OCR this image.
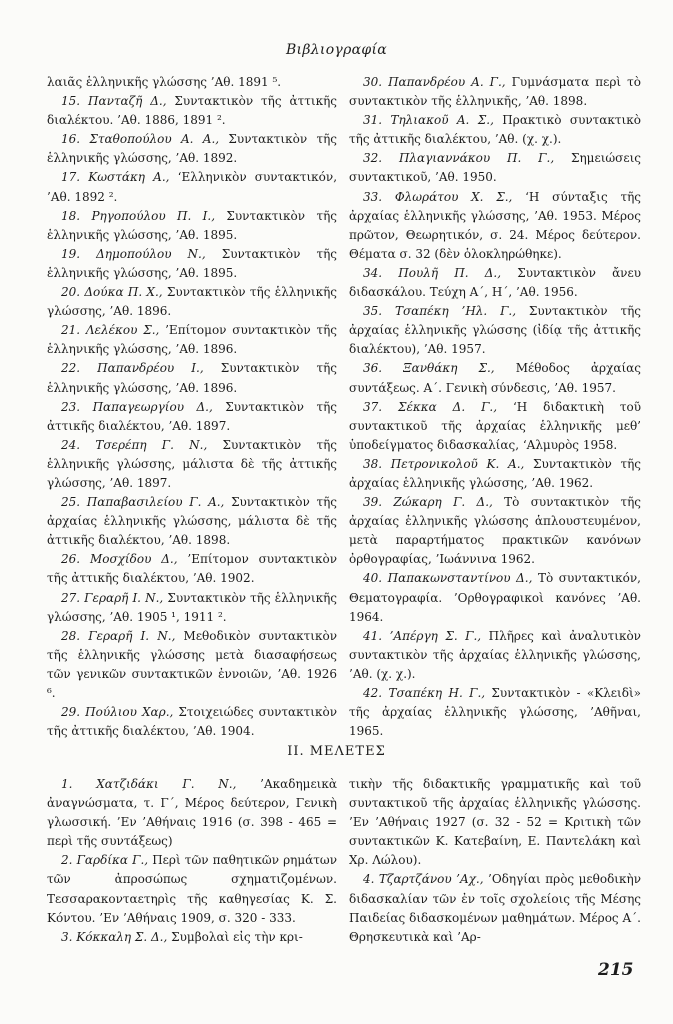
Βιβλιογραφία

λαιᾶς ἑλληνικῆς γλώσσης ’Αθ. 1891 ⁵.

15. Πανταζῆ Δ., Συντακτικὸν τῆς ἀττικῆς διαλέκτου. ’Αθ. 1886, 1891 ².

16. Σταθοπούλου Α. Α., Συντακτικὸν τῆς ἑλληνικῆς γλώσσης, ’Αθ. 1892.

17. Κωστάκη Α., ‘Ελληνικὸν συντακτικόν, ’Αθ. 1892 ².

18. Ρηγοπούλου Π. Ι., Συντακτικὸν τῆς ἑλληνικῆς γλώσσης, ’Αθ. 1895.

19. Δημοπούλου Ν., Συντακτικὸν τῆς ἑλληνικῆς γλώσσης, ’Αθ. 1895.

20. Δούκα Π. Χ., Συντακτικὸν τῆς ἑλληνικῆς γλώσσης, ’Αθ. 1896.

21. Λελέκου Σ., ’Επίτομον συντακτικὸν τῆς ἑλληνικῆς γλώσσης, ’Αθ. 1896.

22. Παπανδρέου Ι., Συντακτικὸν τῆς ἑλληνικῆς γλώσσης, ’Αθ. 1896.

23. Παπαγεωργίου Δ., Συντακτικὸν τῆς ἀττικῆς διαλέκτου, ’Αθ. 1897.

24. Τσερέπη Γ. Ν., Συντακτικὸν τῆς ἑλληνικῆς γλώσσης, μάλιστα δὲ τῆς ἀττικῆς γλώσσης, ’Αθ. 1897.

25. Παπαβασιλείου Γ. Α., Συντακτικὸν τῆς ἀρχαίας ἑλληνικῆς γλώσσης, μάλιστα δὲ τῆς ἀττικῆς διαλέκτου, ’Αθ. 1898.

26. Μοσχίδου Δ., ’Επίτομον συντακτικὸν τῆς ἀττικῆς διαλέκτου, ’Αθ. 1902.

27. Γεραρῆ Ι. Ν., Συντακτικὸν τῆς ἑλληνικῆς γλώσσης, ’Αθ. 1905 ¹, 1911 ².

28. Γεραρῆ Ι. Ν., Μεθοδικὸν συντακτικὸν τῆς ἑλληνικῆς γλώσσης μετὰ διασαφήσεως τῶν γενικῶν συντακτικῶν ἐννοιῶν, ’Αθ. 1926 ⁶.

29. Πούλιου Χαρ., Στοιχειώδες συντακτικὸν τῆς ἀττικῆς διαλέκτου, ’Αθ. 1904.

30. Παπανδρέου Α. Γ., Γυμνάσματα περὶ τὸ συντακτικὸν τῆς ἑλληνικῆς, ’Αθ. 1898.

31. Τηλιακοῦ Α. Σ., Πρακτικὸ συντακτικὸ τῆς ἀττικῆς διαλέκτου, ’Αθ. (χ. χ.).

32. Πλαγιαννάκου Π. Γ., Σημειώσεις συντακτικοῦ, ’Αθ. 1950.

33. Φλωράτου Χ. Σ., ‘Η σύνταξις τῆς ἀρχαίας ἑλληνικῆς γλώσσης, ’Αθ. 1953. Μέρος πρῶτον, Θεωρητικόν, σ. 24. Μέρος δεύτερον. Θέματα σ. 32 (δὲν ὁλοκληρώθηκε).

34. Πουλῆ Π. Δ., Συντακτικὸν ἄνευ διδασκάλου. Τεύχη Α΄, Η΄, ’Αθ. 1956.

35. Τσαπέκη ’Ηλ. Γ., Συντακτικὸν τῆς ἀρχαίας ἑλληνικῆς γλώσσης (ἰδίᾳ τῆς ἀττικῆς διαλέκτου), ’Αθ. 1957.

36. Ξανθάκη Σ., Μέθοδος ἀρχαίας συντάξεως. Α΄. Γενικὴ σύνδεσις, ’Αθ. 1957.

37. Σέκκα Δ. Γ., ‘Η διδακτικὴ τοῦ συντακτικοῦ τῆς ἀρχαίας ἑλληνικῆς μεθ’ ὑποδείγματος διδασκαλίας, ‘Αλμυρὸς 1958.

38. Πετρονικολοῦ Κ. Α., Συντακτικὸν τῆς ἀρχαίας ἑλληνικῆς γλώσσης, ’Αθ. 1962.

39. Ζώκαρη Γ. Δ., Τὸ συντακτικὸν τῆς ἀρχαίας ἑλληνικῆς γλώσσης ἁπλουστευμένον, μετὰ παραρτήματος πρακτικῶν κανόνων ὀρθογραφίας, ’Ιωάννινα 1962.

40. Παπακωνσταντίνου Δ., Τὸ συντακτικόν, Θεματογραφία. ’Ορθογραφικοὶ κανόνες ’Αθ. 1964.

41. ’Απέργη Σ. Γ., Πλῆρες καὶ ἀναλυτικὸν συντακτικὸν τῆς ἀρχαίας ἑλληνικῆς γλώσσης, ’Αθ. (χ. χ.).

42. Τσαπέκη Η. Γ., Συντακτικὸν - «Κλειδὶ» τῆς ἀρχαίας ἑλληνικῆς γλώσσης, ’Αθῆναι, 1965.

II. ΜΕΛΕΤΕΣ

1. Χατζιδάκι Γ. Ν., ’Ακαδημεικὰ ἀναγνώσματα, τ. Γ΄, Μέρος δεύτερον, Γενικὴ γλωσσική. ’Εν ’Αθήναις 1916 (σ. 398 - 465 = περὶ τῆς συντάξεως)

2. Γαρδίκα Γ., Περὶ τῶν παθητικῶν ρημάτων τῶν ἀπροσώπως σχηματιζομένων. Τεσσαρακονταετηρὶς τῆς καθηγεσίας Κ. Σ. Κόντου. ’Εν ’Αθήναις 1909, σ. 320 - 333.

3. Κόκκαλη Σ. Δ., Συμβολαὶ εἰς τὴν κρι-

τικὴν τῆς διδακτικῆς γραμματικῆς καὶ τοῦ συντακτικοῦ τῆς ἀρχαίας ἑλληνικῆς γλώσσης. ’Εν ’Αθήναις 1927 (σ. 32 - 52 = Κριτικὴ τῶν συντακτικῶν Κ. Κατεβαίνη, Ε. Παντελάκη καὶ Χρ. Λώλου).

4. Τζαρτζάνου ’Αχ., ’Οδηγίαι πρὸς μεθοδικὴν διδασκαλίαν τῶν ἐν τοῖς σχολείοις τῆς Μέσης Παιδείας διδασκομένων μαθημάτων. Μέρος Α΄. Θρησκευτικὰ καὶ ’Αρ-

215
